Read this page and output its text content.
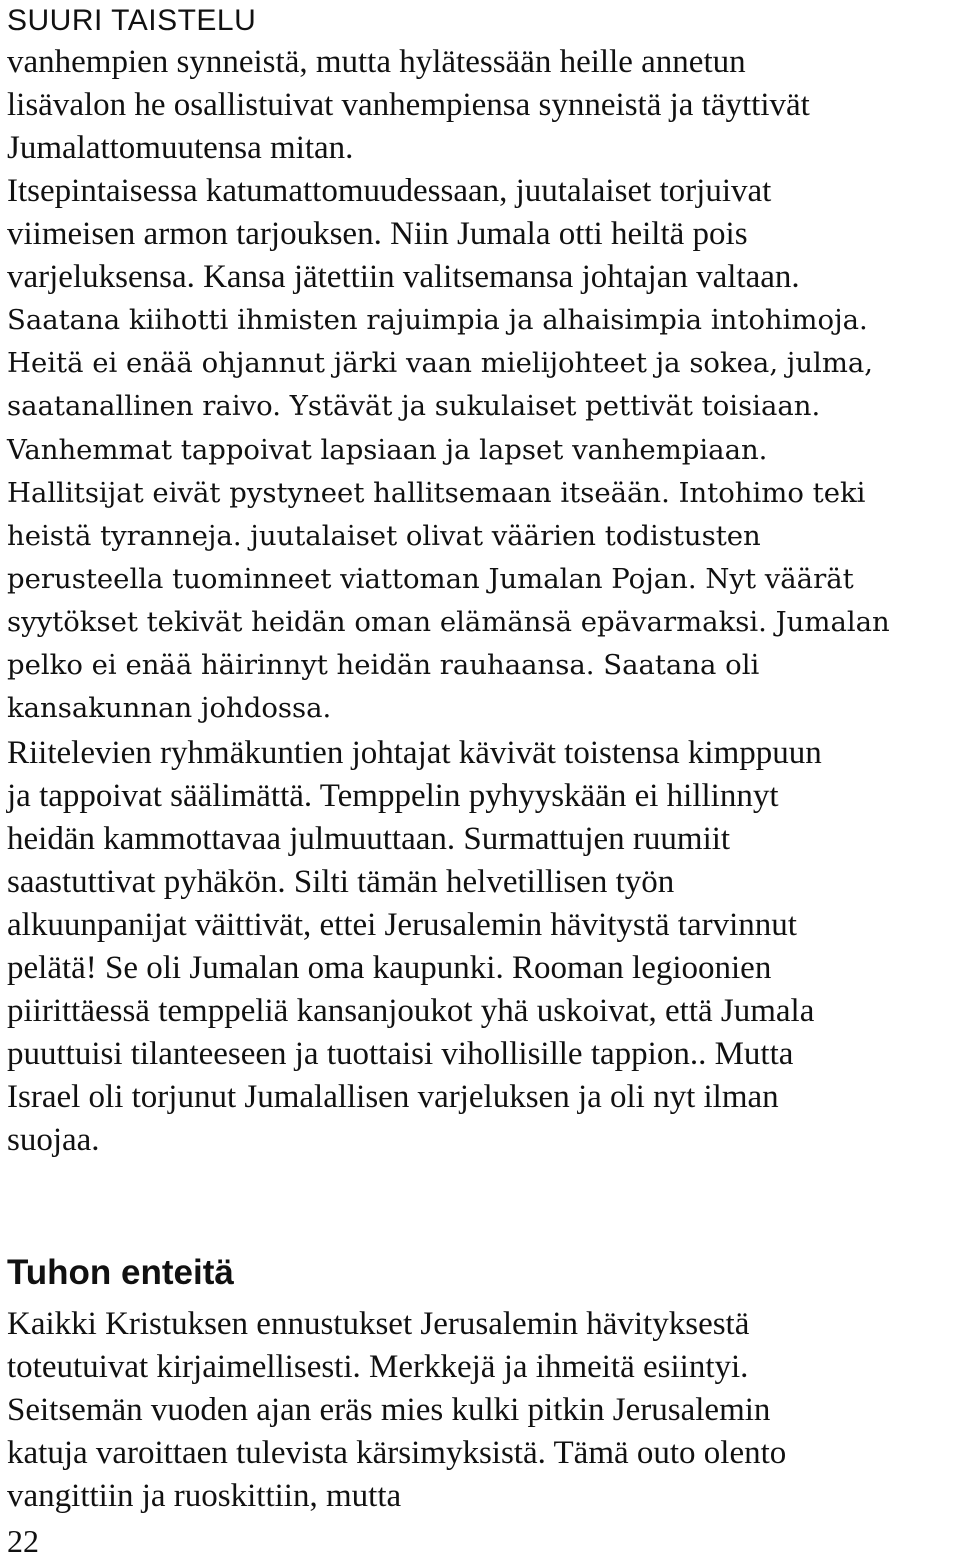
SUURI TAISTELU
vanhempien synneistä, mutta hylätessään heille annetun
lisävalon he osallistuivat vanhempiensa synneistä ja täyttivät
Jumalattomuutensa mitan.
Itsepintaisessa katumattomuudessaan, juutalaiset torjuivat
viimeisen armon tarjouksen. Niin Jumala otti heiltä pois
varjeluksensa. Kansa jätettiin valitsemansa johtajan valtaan.
Saatana kiihotti ihmisten rajuimpia ja alhaisimpia intohimoja.
Heitä ei enää ohjannut järki vaan mielijohteet ja sokea, julma,
saatanallinen raivo. Ystävät ja sukulaiset pettivät toisiaan.
Vanhemmat tappoivat lapsiaan ja lapset vanhempiaan.
Hallitsijat eivät pystyneet hallitsemaan itseään. Intohimo teki
heistä tyranneja. juutalaiset olivat väärien todistusten
perusteella tuominneet viattoman Jumalan Pojan. Nyt väärät
syytökset tekivät heidän oman elämänsä epävarmaksi. Jumalan
pelko ei enää häirinnyt heidän rauhaansa. Saatana oli
kansakunnan johdossa.
Riitelevien ryhmäkuntien johtajat kävivät toistensa kimppuun
ja tappoivat säälimättä. Temppelin pyhyyskään ei hillinnyt
heidän kammottavaa julmuuttaan. Surmattujen ruumiit
saastuttivat pyhäkön. Silti tämän helvetillisen työn
alkuunpanijat väittivät, ettei Jerusalemin hävitystä tarvinnut
pelätä! Se oli Jumalan oma kaupunki. Rooman legioonien
piirittäessä temppeliä kansanjoukot yhä uskoivat, että Jumala
puuttuisi tilanteeseen ja tuottaisi vihollisille tappion.. Mutta
Israel oli torjunut Jumalallisen varjeluksen ja oli nyt ilman
suojaa.
Tuhon enteitä
Kaikki Kristuksen ennustukset Jerusalemin hävityksestä
toteutuivat kirjaimellisesti. Merkkejä ja ihmeitä esiintyi.
Seitsemän vuoden ajan eräs mies kulki pitkin Jerusalemin
katuja varoittaen tulevista kärsimyksistä. Tämä outo olento
vangittiin ja ruoskittiin, mutta
22
